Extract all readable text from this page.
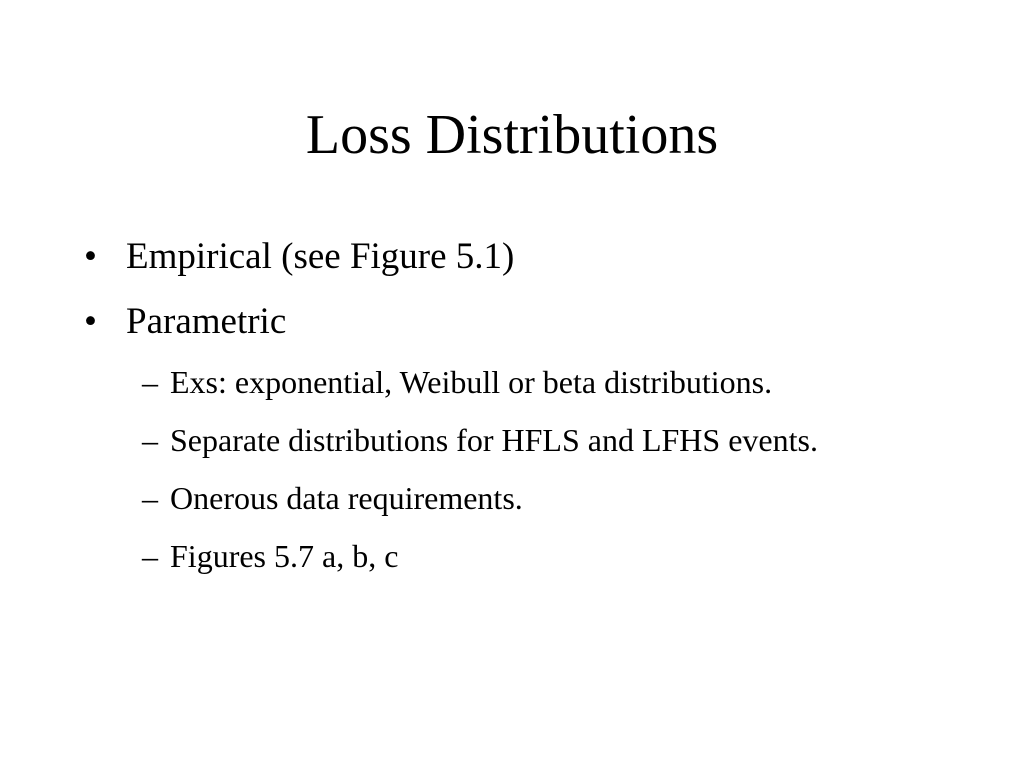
Loss Distributions
• Empirical (see Figure 5.1)
• Parametric
– Exs: exponential, Weibull or beta distributions.
– Separate distributions for HFLS and LFHS events.
– Onerous data requirements.
– Figures 5.7 a, b, c
